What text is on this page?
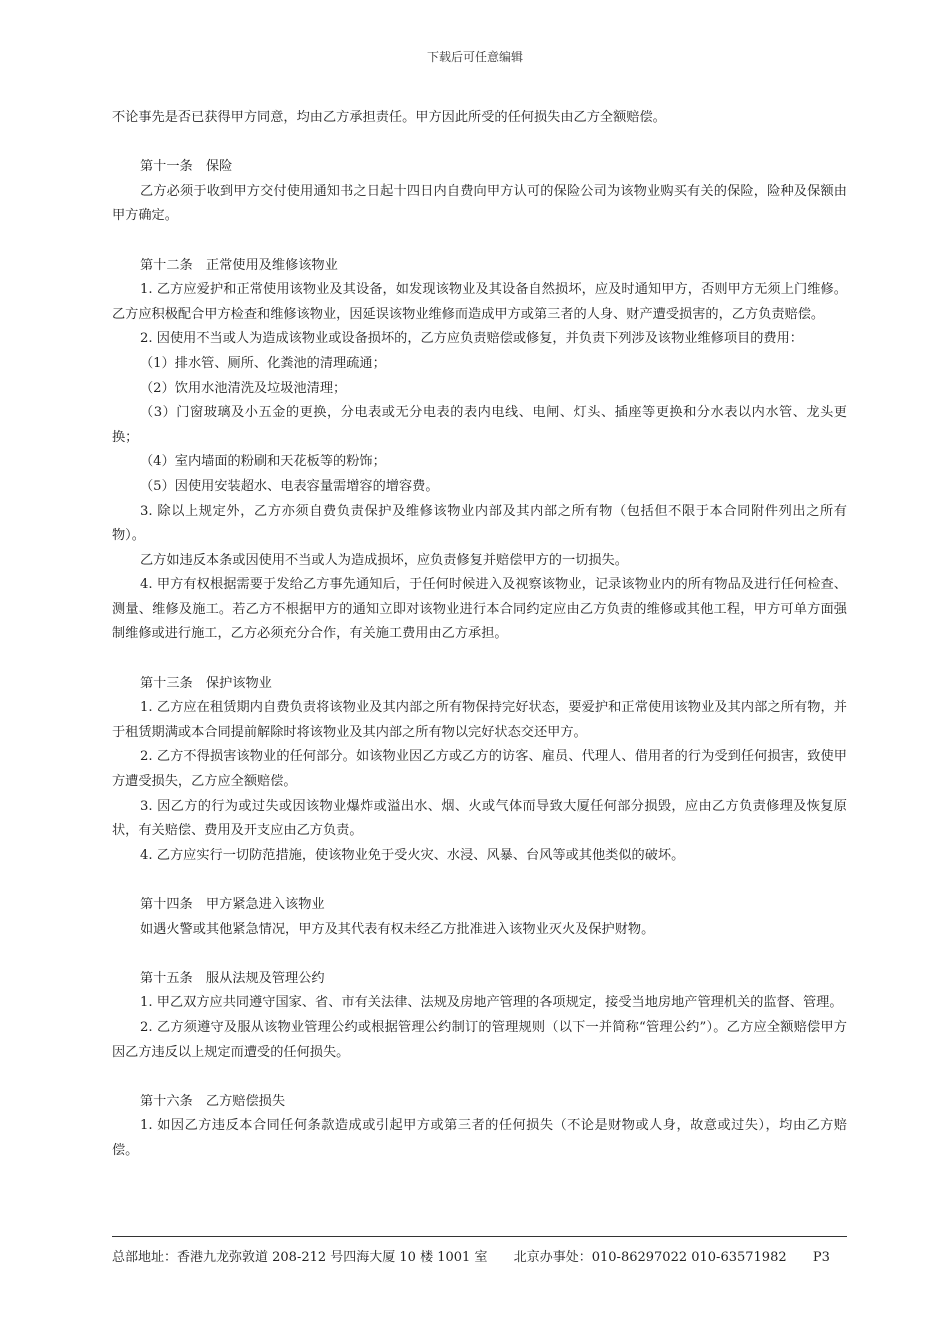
下载后可任意编辑

不论事先是否已获得甲方同意，均由乙方承担责任。甲方因此所受的任何损失由乙方全额赔偿。

第十一条　保险

乙方必须于收到甲方交付使用通知书之日起十四日内自费向甲方认可的保险公司为该物业购买有关的保险，险种及保额由甲方确定。

第十二条　正常使用及维修该物业

1. 乙方应爱护和正常使用该物业及其设备，如发现该物业及其设备自然损坏，应及时通知甲方，否则甲方无须上门维修。乙方应积极配合甲方检查和维修该物业，因延误该物业维修而造成甲方或第三者的人身、财产遭受损害的，乙方负责赔偿。

2. 因使用不当或人为造成该物业或设备损坏的，乙方应负责赔偿或修复，并负责下列涉及该物业维修项目的费用：

（1）排水管、厕所、化粪池的清理疏通；

（2）饮用水池清洗及垃圾池清理；

（3）门窗玻璃及小五金的更换，分电表或无分电表的表内电线、电闸、灯头、插座等更换和分水表以内水管、龙头更换；

（4）室内墙面的粉刷和天花板等的粉饰；

（5）因使用安装超水、电表容量需增容的增容费。

3. 除以上规定外，乙方亦须自费负责保护及维修该物业内部及其内部之所有物（包括但不限于本合同附件列出之所有物）。

乙方如违反本条或因使用不当或人为造成损坏，应负责修复并赔偿甲方的一切损失。

4. 甲方有权根据需要于发给乙方事先通知后，于任何时候进入及视察该物业，记录该物业内的所有物品及进行任何检查、测量、维修及施工。若乙方不根据甲方的通知立即对该物业进行本合同约定应由乙方负责的维修或其他工程，甲方可单方面强制维修或进行施工，乙方必须充分合作，有关施工费用由乙方承担。

第十三条　保护该物业

1. 乙方应在租赁期内自费负责将该物业及其内部之所有物保持完好状态，要爱护和正常使用该物业及其内部之所有物，并于租赁期满或本合同提前解除时将该物业及其内部之所有物以完好状态交还甲方。

2. 乙方不得损害该物业的任何部分。如该物业因乙方或乙方的访客、雇员、代理人、借用者的行为受到任何损害，致使甲方遭受损失，乙方应全额赔偿。

3. 因乙方的行为或过失或因该物业爆炸或溢出水、烟、火或气体而导致大厦任何部分损毁，应由乙方负责修理及恢复原状，有关赔偿、费用及开支应由乙方负责。

4. 乙方应实行一切防范措施，使该物业免于受火灾、水浸、风暴、台风等或其他类似的破坏。

第十四条　甲方紧急进入该物业

如遇火警或其他紧急情况，甲方及其代表有权未经乙方批准进入该物业灭火及保护财物。

第十五条　服从法规及管理公约

1. 甲乙双方应共同遵守国家、省、市有关法律、法规及房地产管理的各项规定，接受当地房地产管理机关的监督、管理。

2. 乙方须遵守及服从该物业管理公约或根据管理公约制订的管理规则（以下一并简称“管理公约”）。乙方应全额赔偿甲方因乙方违反以上规定而遭受的任何损失。

第十六条　乙方赔偿损失

1. 如因乙方违反本合同任何条款造成或引起甲方或第三者的任何损失（不论是财物或人身，故意或过失），均由乙方赔偿。

总部地址：香港九龙弥敦道 208-212 号四海大厦 10 楼 1001 室 北京办事处：010-86297022 010-63571982 P3
